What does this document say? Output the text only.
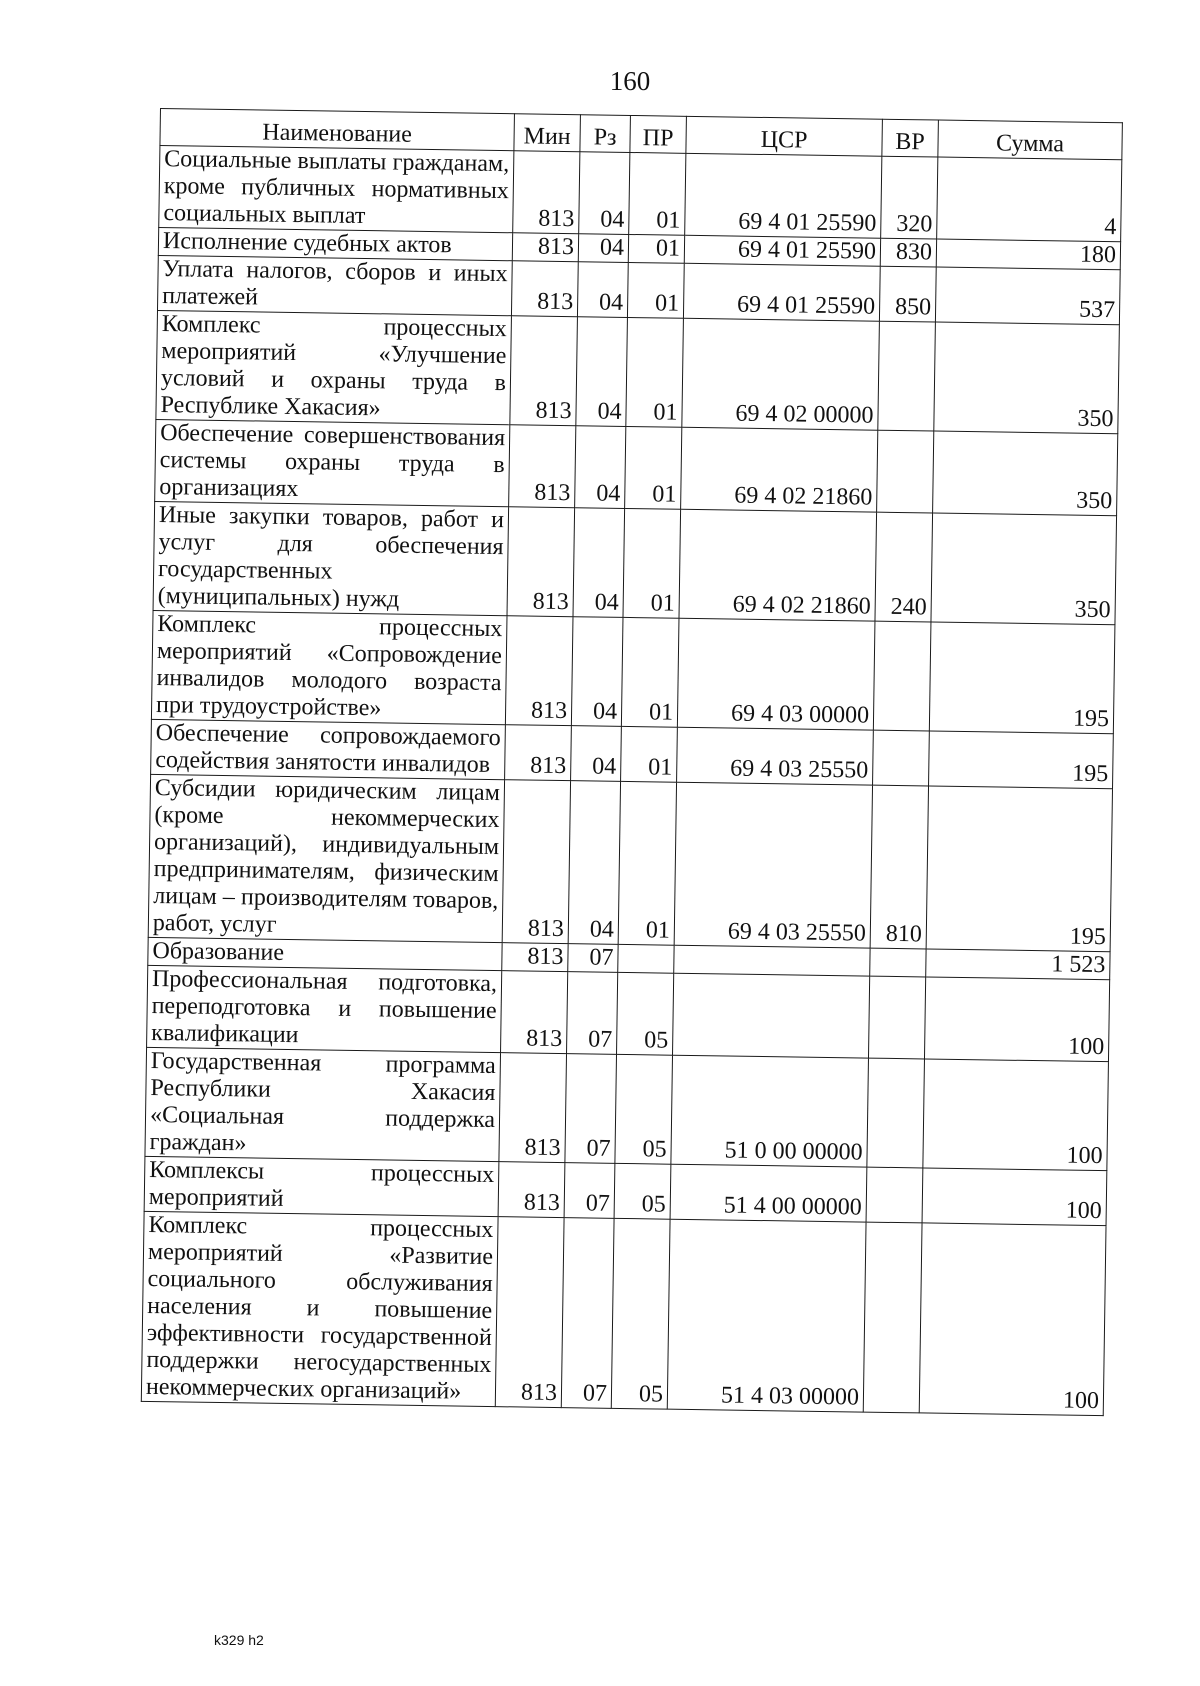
160
Наименование	Мин	Рз	ПР	ЦСР	ВР	Сумма
Социальные выплаты гражданам, кроме публичных нормативных социальных выплат	813	04	01	69 4 01 25590	320	4
Исполнение судебных актов	813	04	01	69 4 01 25590	830	180
Уплата налогов, сборов и иных платежей	813	04	01	69 4 01 25590	850	537
Комплекс процессных мероприятий «Улучшение условий и охраны труда в Республике Хакасия»	813	04	01	69 4 02 00000		350
Обеспечение совершенствования системы охраны труда в организациях	813	04	01	69 4 02 21860		350
Иные закупки товаров, работ и услуг для обеспечения государственных (муниципальных) нужд	813	04	01	69 4 02 21860	240	350
Комплекс процессных мероприятий «Сопровождение инвалидов молодого возраста при трудоустройстве»	813	04	01	69 4 03 00000		195
Обеспечение сопровождаемого содействия занятости инвалидов	813	04	01	69 4 03 25550		195
Субсидии юридическим лицам (кроме некоммерческих организаций), индивидуальным предпринимателям, физическим лицам – производителям товаров, работ, услуг	813	04	01	69 4 03 25550	810	195
Образование	813	07				1 523
Профессиональная подготовка, переподготовка и повышение квалификации	813	07	05			100
Государственная программа Республики Хакасия «Социальная поддержка граждан»	813	07	05	51 0 00 00000		100
Комплексы процессных мероприятий	813	07	05	51 4 00 00000		100
Комплекс процессных мероприятий «Развитие социального обслуживания населения и повышение эффективности государственной поддержки негосударственных некоммерческих организаций»	813	07	05	51 4 03 00000		100
k329 h2
